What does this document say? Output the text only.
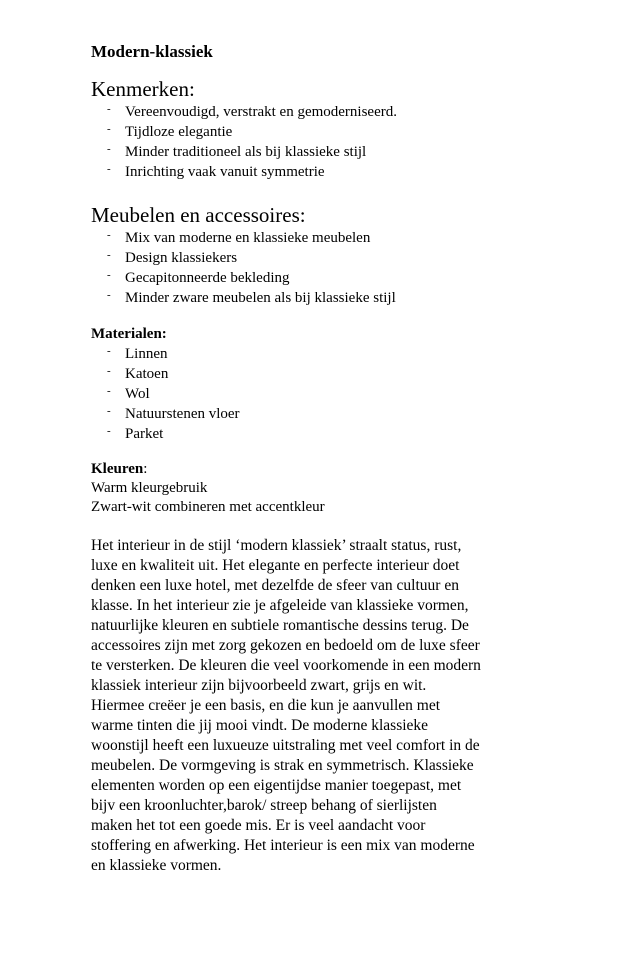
Modern-klassiek
Kenmerken:
- Vereenvoudigd, verstrakt en gemoderniseerd.
- Tijdloze elegantie
- Minder traditioneel als bij klassieke stijl
- Inrichting vaak vanuit symmetrie
Meubelen en accessoires:
- Mix van moderne en klassieke meubelen
- Design klassiekers
- Gecapitonneerde bekleding
- Minder zware meubelen als bij klassieke stijl
Materialen:
- Linnen
- Katoen
- Wol
- Natuurstenen vloer
- Parket
Kleuren:
Warm kleurgebruik
Zwart-wit combineren met accentkleur
Het interieur in de stijl ‘modern klassiek’ straalt status, rust,
luxe en kwaliteit uit. Het elegante en perfecte interieur doet
denken een luxe hotel, met dezelfde de sfeer van cultuur en
klasse. In het interieur zie je afgeleide van klassieke vormen,
natuurlijke kleuren en subtiele romantische dessins terug. De
accessoires zijn met zorg gekozen en bedoeld om de luxe sfeer
te versterken. De kleuren die veel voorkomende in een modern
klassiek interieur zijn bijvoorbeeld zwart, grijs en wit.
Hiermee creëer je een basis, en die kun je aanvullen met
warme tinten die jij mooi vindt. De moderne klassieke
woonstijl heeft een luxueuze uitstraling met veel comfort in de
meubelen. De vormgeving is strak en symmetrisch. Klassieke
elementen worden op een eigentijdse manier toegepast, met
bijv een kroonluchter,barok/ streep behang of sierlijsten
maken het tot een goede mis. Er is veel aandacht voor
stoffering en afwerking. Het interieur is een mix van moderne
en klassieke vormen.
